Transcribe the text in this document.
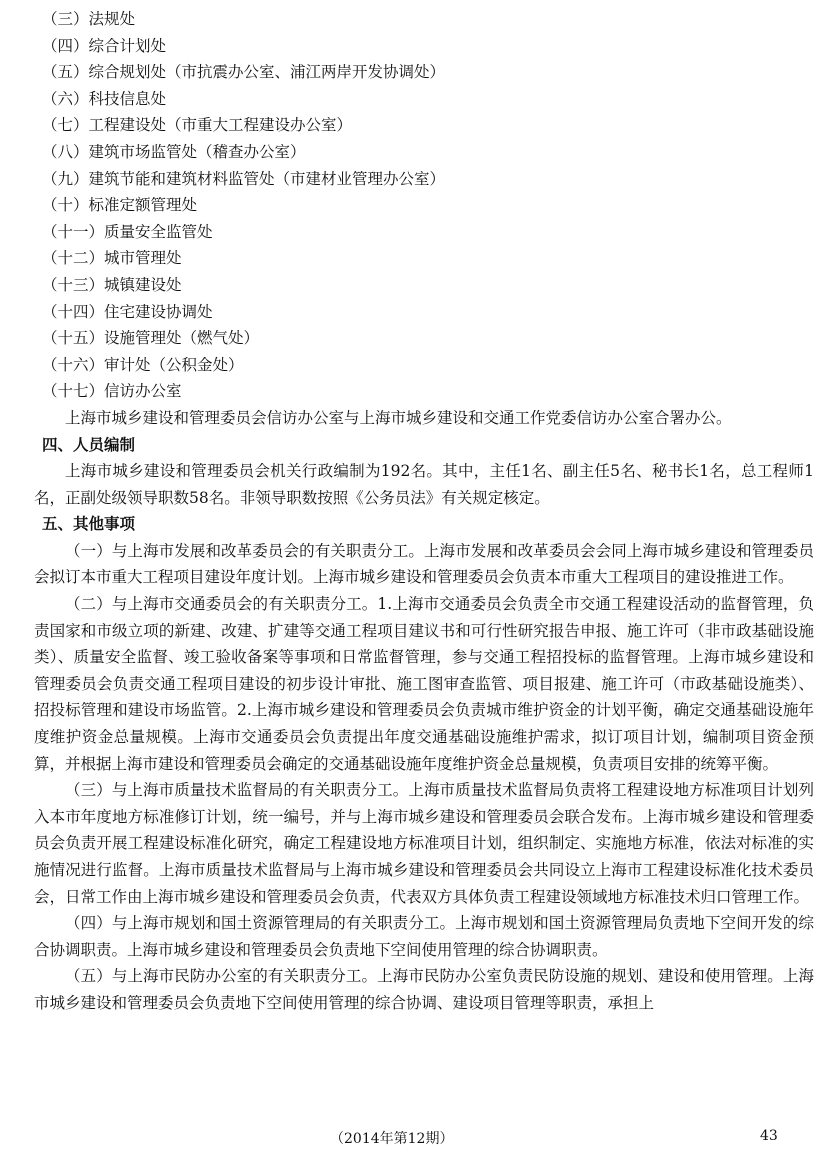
（三）法规处
（四）综合计划处
（五）综合规划处（市抗震办公室、浦江两岸开发协调处）
（六）科技信息处
（七）工程建设处（市重大工程建设办公室）
（八）建筑市场监管处（稽查办公室）
（九）建筑节能和建筑材料监管处（市建材业管理办公室）
（十）标准定额管理处
（十一）质量安全监管处
（十二）城市管理处
（十三）城镇建设处
（十四）住宅建设协调处
（十五）设施管理处（燃气处）
（十六）审计处（公积金处）
（十七）信访办公室

上海市城乡建设和管理委员会信访办公室与上海市城乡建设和交通工作党委信访办公室合署办公。

四、人员编制

上海市城乡建设和管理委员会机关行政编制为192名。其中，主任1名、副主任5名、秘书长1名，总工程师1名，正副处级领导职数58名。非领导职数按照《公务员法》有关规定核定。

五、其他事项

（一）与上海市发展和改革委员会的有关职责分工。上海市发展和改革委员会会同上海市城乡建设和管理委员会拟订本市重大工程项目建设年度计划。上海市城乡建设和管理委员会负责本市重大工程项目的建设推进工作。

（二）与上海市交通委员会的有关职责分工。1.上海市交通委员会负责全市交通工程建设活动的监督管理，负责国家和市级立项的新建、改建、扩建等交通工程项目建议书和可行性研究报告申报、施工许可（非市政基础设施类）、质量安全监督、竣工验收备案等事项和日常监督管理，参与交通工程招投标的监督管理。上海市城乡建设和管理委员会负责交通工程项目建设的初步设计审批、施工图审查监管、项目报建、施工许可（市政基础设施类）、招投标管理和建设市场监管。2.上海市城乡建设和管理委员会负责城市维护资金的计划平衡，确定交通基础设施年度维护资金总量规模。上海市交通委员会负责提出年度交通基础设施维护需求，拟订项目计划，编制项目资金预算，并根据上海市建设和管理委员会确定的交通基础设施年度维护资金总量规模，负责项目安排的统筹平衡。

（三）与上海市质量技术监督局的有关职责分工。上海市质量技术监督局负责将工程建设地方标准项目计划列入本市年度地方标准修订计划，统一编号，并与上海市城乡建设和管理委员会联合发布。上海市城乡建设和管理委员会负责开展工程建设标准化研究，确定工程建设地方标准项目计划，组织制定、实施地方标准，依法对标准的实施情况进行监督。上海市质量技术监督局与上海市城乡建设和管理委员会共同设立上海市工程建设标准化技术委员会，日常工作由上海市城乡建设和管理委员会负责，代表双方具体负责工程建设领域地方标准技术归口管理工作。

（四）与上海市规划和国土资源管理局的有关职责分工。上海市规划和国土资源管理局负责地下空间开发的综合协调职责。上海市城乡建设和管理委员会负责地下空间使用管理的综合协调职责。

（五）与上海市民防办公室的有关职责分工。上海市民防办公室负责民防设施的规划、建设和使用管理。上海市城乡建设和管理委员会负责地下空间使用管理的综合协调、建设项目管理等职责，承担上

（2014年第12期）	43
